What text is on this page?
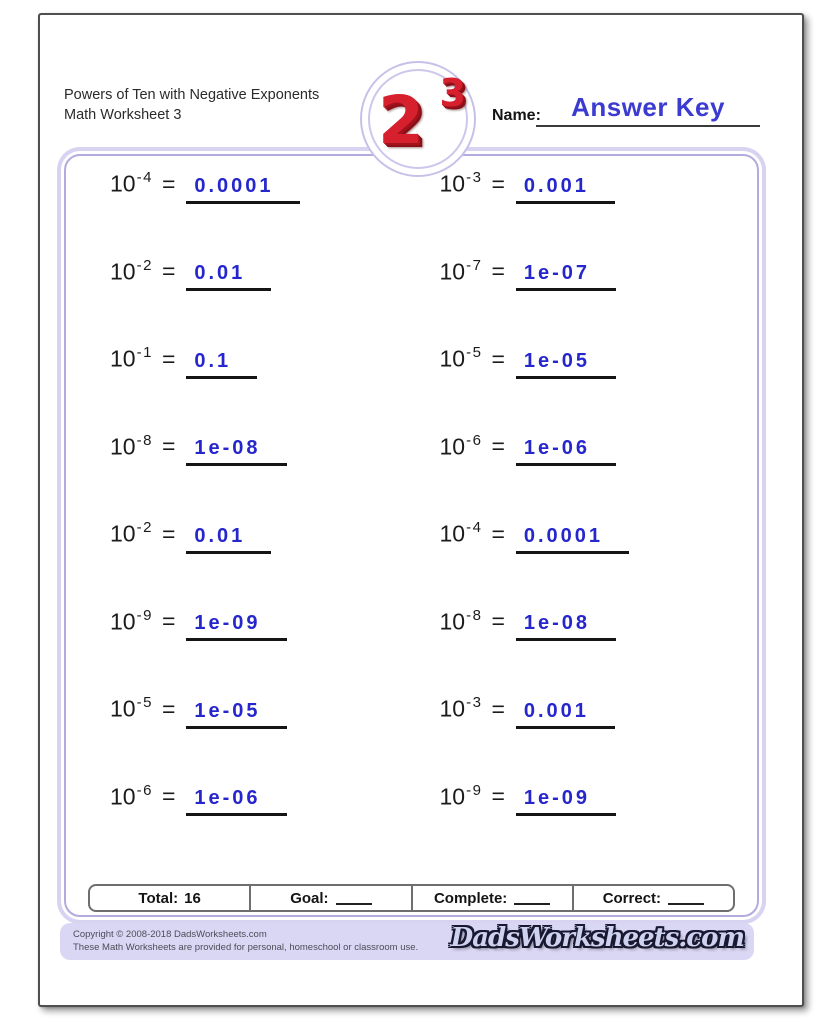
Powers of Ten with Negative Exponents
Math Worksheet 3	Name:	Answer Key
2 3
$10^{-4} = 0.0001$	$10^{-3} = 0.001$
$10^{-2} = 0.01$	$10^{-7} = 1e-07$
$10^{-1} = 0.1$	$10^{-5} = 1e-05$
$10^{-8} = 1e-08$	$10^{-6} = 1e-06$
$10^{-2} = 0.01$	$10^{-4} = 0.0001$
$10^{-9} = 1e-09$	$10^{-8} = 1e-08$
$10^{-5} = 1e-05$	$10^{-3} = 0.001$
$10^{-6} = 1e-06$	$10^{-9} = 1e-09$
Total: 16	Goal:	Complete:	Correct:
Copyright © 2008-2018 DadsWorksheets.com
These Math Worksheets are provided for personal, homeschool or classroom use. DadsWorksheets.com
